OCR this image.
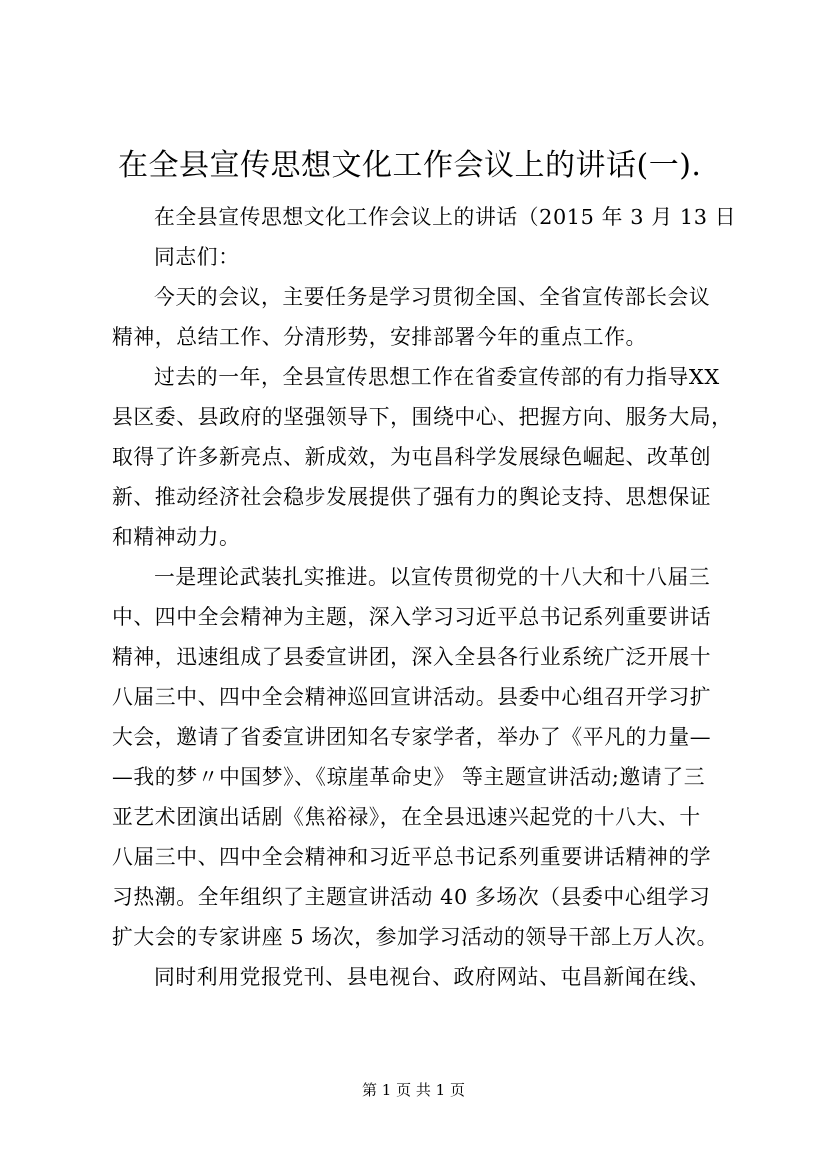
在全县宣传思想文化工作会议上的讲话(一).
在全县宣传思想文化工作会议上的讲话（2015 年 3 月 13 日
同志们：
今天的会议，主要任务是学习贯彻全国、全省宣传部长会议
精神，总结工作、分清形势，安排部署今年的重点工作。
过去的一年，全县宣传思想工作在省委宣传部的有力指导XX
县区委、县政府的坚强领导下，围绕中心、把握方向、服务大局，
取得了许多新亮点、新成效，为屯昌科学发展绿色崛起、改革创
新、推动经济社会稳步发展提供了强有力的舆论支持、思想保证
和精神动力。
一是理论武装扎实推进。以宣传贯彻党的十八大和十八届三
中、四中全会精神为主题，深入学习习近平总书记系列重要讲话
精神，迅速组成了县委宣讲团，深入全县各行业系统广泛开展十
八届三中、四中全会精神巡回宣讲活动。县委中心组召开学习扩
大会，邀请了省委宣讲团知名专家学者，举办了《平凡的力量—
—我的梦〃中国梦》、《琼崖革命史》 等主题宣讲活动;邀请了三
亚艺术团演出话剧《焦裕禄》，在全县迅速兴起党的十八大、十
八届三中、四中全会精神和习近平总书记系列重要讲话精神的学
习热潮。全年组织了主题宣讲活动 40 多场次（县委中心组学习
扩大会的专家讲座 5 场次，参加学习活动的领导干部上万人次。
同时利用党报党刊、县电视台、政府网站、屯昌新闻在线、
第 1 页 共 1 页
